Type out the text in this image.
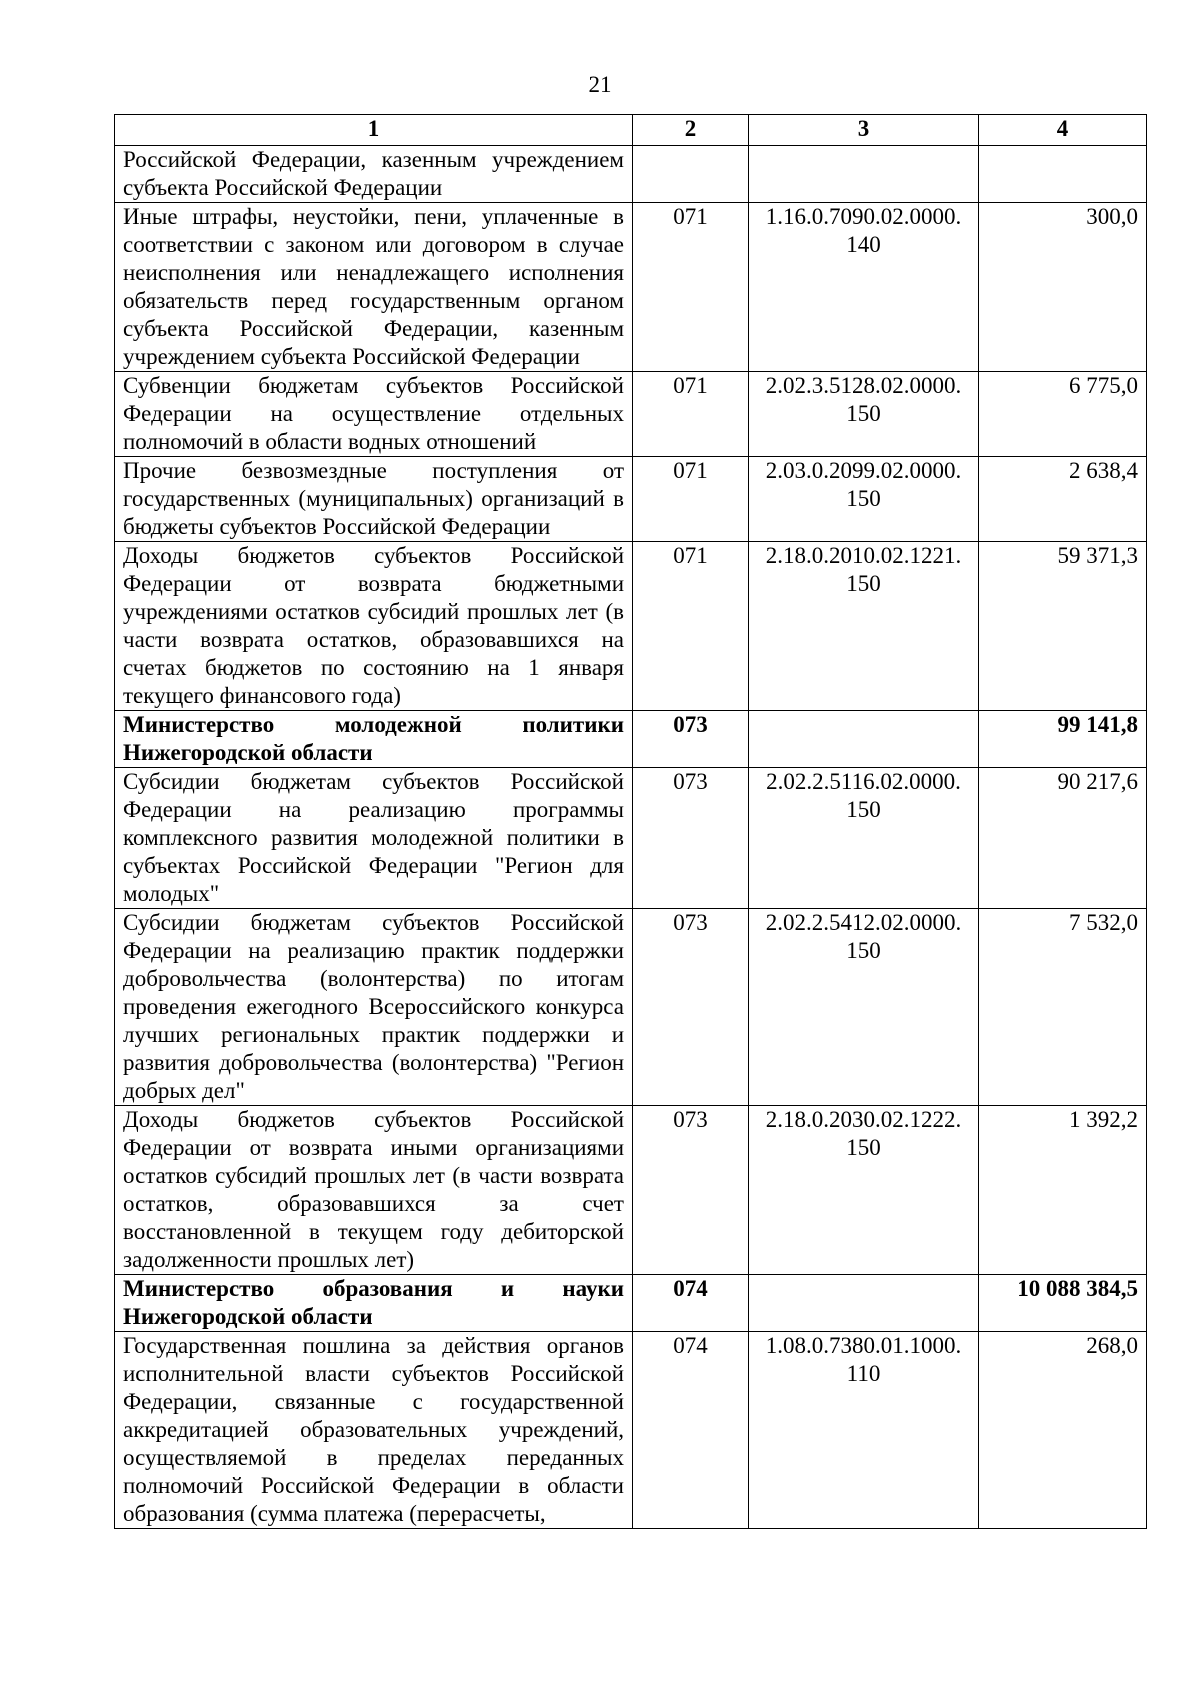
21
1	2	3	4
Российской Федерации, казенным учреждением субъекта Российской Федерации			
Иные штрафы, неустойки, пени, уплаченные в соответствии с законом или договором в случае неисполнения или ненадлежащего исполнения обязательств перед государственным органом субъекта Российской Федерации, казенным учреждением субъекта Российской Федерации	071	1.16.0.7090.02.0000. 140	300,0
Субвенции бюджетам субъектов Российской Федерации на осуществление отдельных полномочий в области водных отношений	071	2.02.3.5128.02.0000. 150	6 775,0
Прочие безвозмездные поступления от государственных (муниципальных) организаций в бюджеты субъектов Российской Федерации	071	2.03.0.2099.02.0000. 150	2 638,4
Доходы бюджетов субъектов Российской Федерации от возврата бюджетными учреждениями остатков субсидий прошлых лет (в части возврата остатков, образовавшихся на счетах бюджетов по состоянию на 1 января текущего финансового года)	071	2.18.0.2010.02.1221. 150	59 371,3
Министерство молодежной политики Нижегородской области	073		99 141,8
Субсидии бюджетам субъектов Российской Федерации на реализацию программы комплексного развития молодежной политики в субъектах Российской Федерации "Регион для молодых"	073	2.02.2.5116.02.0000. 150	90 217,6
Субсидии бюджетам субъектов Российской Федерации на реализацию практик поддержки добровольчества (волонтерства) по итогам проведения ежегодного Всероссийского конкурса лучших региональных практик поддержки и развития добровольчества (волонтерства) "Регион добрых дел"	073	2.02.2.5412.02.0000. 150	7 532,0
Доходы бюджетов субъектов Российской Федерации от возврата иными организациями остатков субсидий прошлых лет (в части возврата остатков, образовавшихся за счет восстановленной в текущем году дебиторской задолженности прошлых лет)	073	2.18.0.2030.02.1222. 150	1 392,2
Министерство образования и науки Нижегородской области	074		10 088 384,5
Государственная пошлина за действия органов исполнительной власти субъектов Российской Федерации, связанные с государственной аккредитацией образовательных учреждений, осуществляемой в пределах переданных полномочий Российской Федерации в области образования (сумма платежа (перерасчеты,	074	1.08.0.7380.01.1000. 110	268,0
